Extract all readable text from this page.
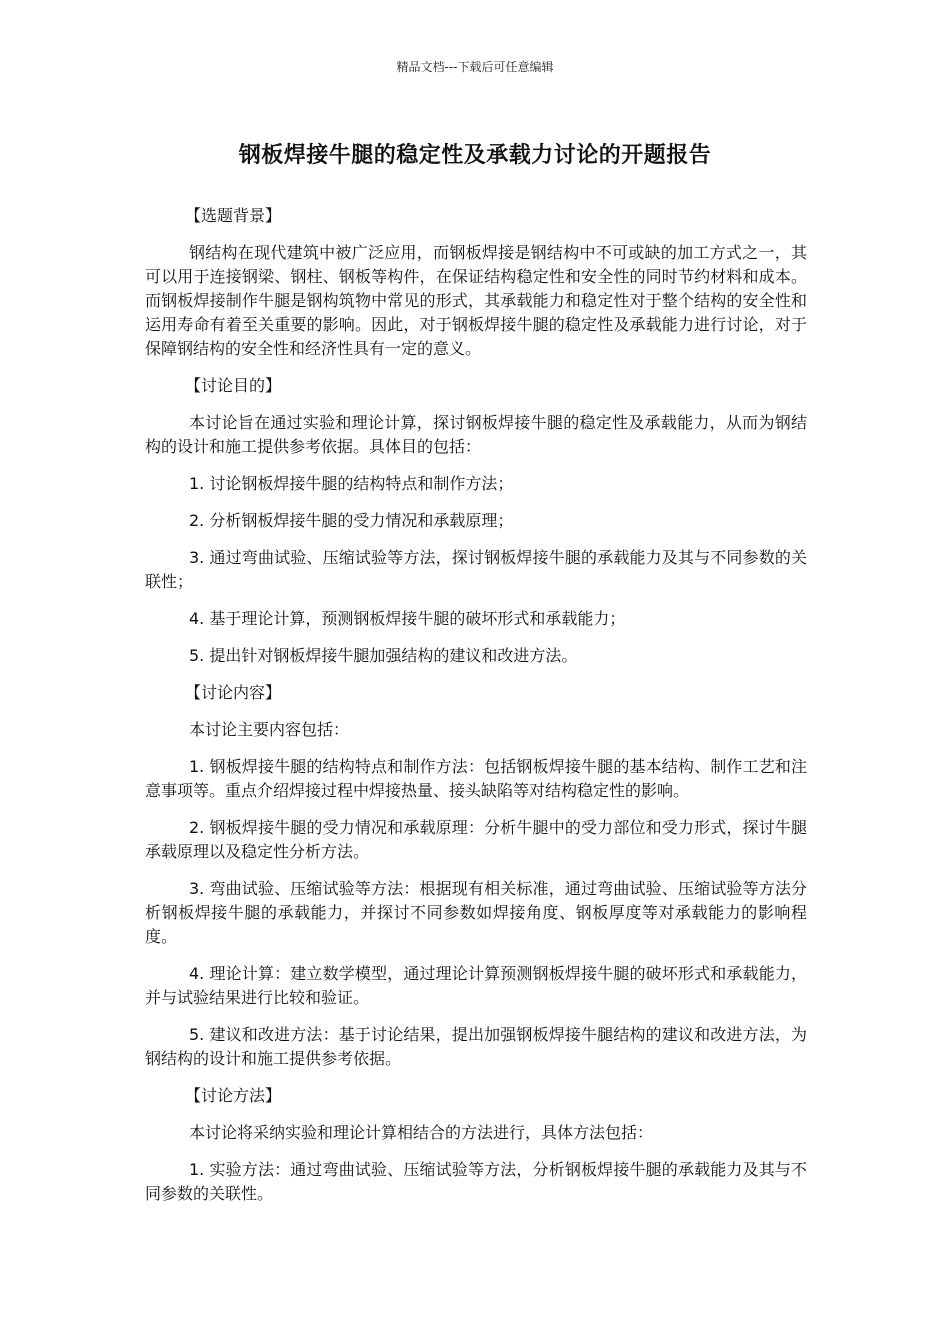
精品文档---下载后可任意编辑
钢板焊接牛腿的稳定性及承载力讨论的开题报告
【选题背景】

钢结构在现代建筑中被广泛应用，而钢板焊接是钢结构中不可或缺的加工方式之一，其可以用于连接钢梁、钢柱、钢板等构件，在保证结构稳定性和安全性的同时节约材料和成本。而钢板焊接制作牛腿是钢构筑物中常见的形式，其承载能力和稳定性对于整个结构的安全性和运用寿命有着至关重要的影响。因此，对于钢板焊接牛腿的稳定性及承载能力进行讨论，对于保障钢结构的安全性和经济性具有一定的意义。

【讨论目的】

本讨论旨在通过实验和理论计算，探讨钢板焊接牛腿的稳定性及承载能力，从而为钢结构的设计和施工提供参考依据。具体目的包括：

1. 讨论钢板焊接牛腿的结构特点和制作方法；

2. 分析钢板焊接牛腿的受力情况和承载原理；

3. 通过弯曲试验、压缩试验等方法，探讨钢板焊接牛腿的承载能力及其与不同参数的关联性；

4. 基于理论计算，预测钢板焊接牛腿的破坏形式和承载能力；

5. 提出针对钢板焊接牛腿加强结构的建议和改进方法。

【讨论内容】

本讨论主要内容包括：

1. 钢板焊接牛腿的结构特点和制作方法：包括钢板焊接牛腿的基本结构、制作工艺和注意事项等。重点介绍焊接过程中焊接热量、接头缺陷等对结构稳定性的影响。

2. 钢板焊接牛腿的受力情况和承载原理：分析牛腿中的受力部位和受力形式，探讨牛腿承载原理以及稳定性分析方法。

3. 弯曲试验、压缩试验等方法：根据现有相关标准，通过弯曲试验、压缩试验等方法分析钢板焊接牛腿的承载能力，并探讨不同参数如焊接角度、钢板厚度等对承载能力的影响程度。

4. 理论计算：建立数学模型，通过理论计算预测钢板焊接牛腿的破坏形式和承载能力，并与试验结果进行比较和验证。

5. 建议和改进方法：基于讨论结果，提出加强钢板焊接牛腿结构的建议和改进方法，为钢结构的设计和施工提供参考依据。

【讨论方法】

本讨论将采纳实验和理论计算相结合的方法进行，具体方法包括：

1. 实验方法：通过弯曲试验、压缩试验等方法，分析钢板焊接牛腿的承载能力及其与不同参数的关联性。
